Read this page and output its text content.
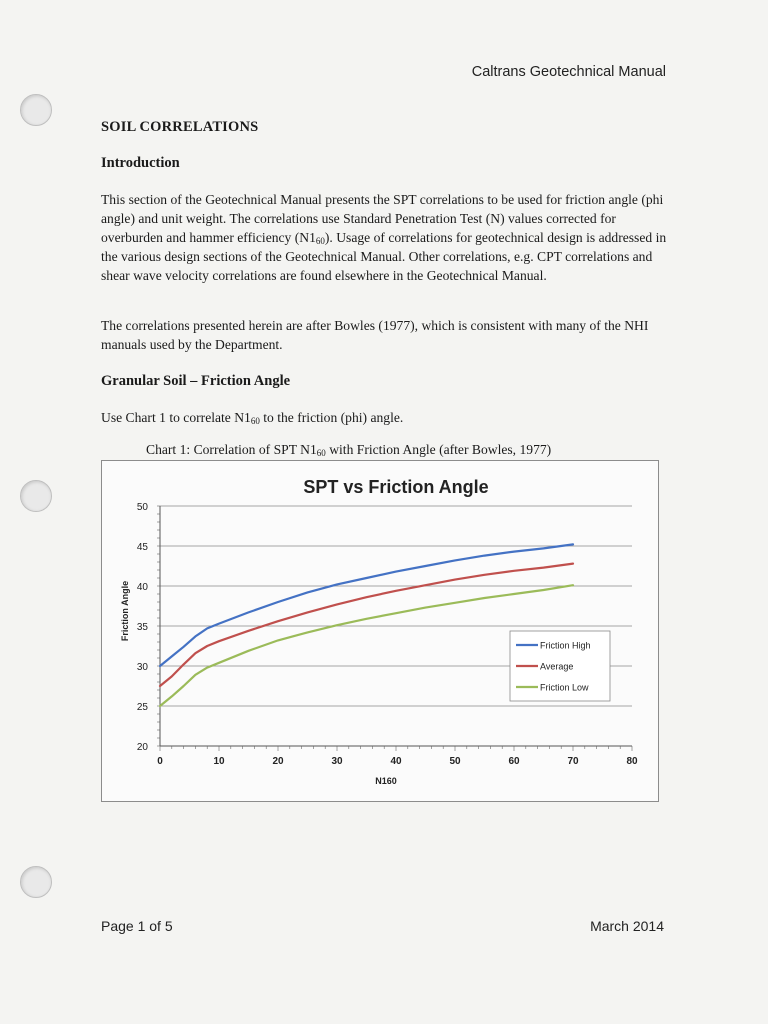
Caltrans Geotechnical Manual
SOIL CORRELATIONS
Introduction

This section of the Geotechnical Manual presents the SPT correlations to be used for friction angle (phi angle) and unit weight. The correlations use Standard Penetration Test (N) values corrected for overburden and hammer efficiency $(N1_{60})$. Usage of correlations for geotechnical design is addressed in the various design sections of the Geotechnical Manual. Other correlations, e.g. CPT correlations and shear wave velocity correlations are found elsewhere in the Geotechnical Manual.

The correlations presented herein are after Bowles (1977), which is consistent with many of the NHI manuals used by the Department.

Granular Soil – Friction Angle

Use Chart 1 to correlate $N1_{60}$ to the friction (phi) angle.

Chart 1: Correlation of SPT $N1_{60}$ with Friction Angle (after Bowles, 1977)
SPT vs Friction Angle
20
25
30
35
40
45
50
0	10	20	30	40	50	60	70	80
N160
Friction Angle
Friction High
Average
Friction Low
Page 1 of 5	March 2014
